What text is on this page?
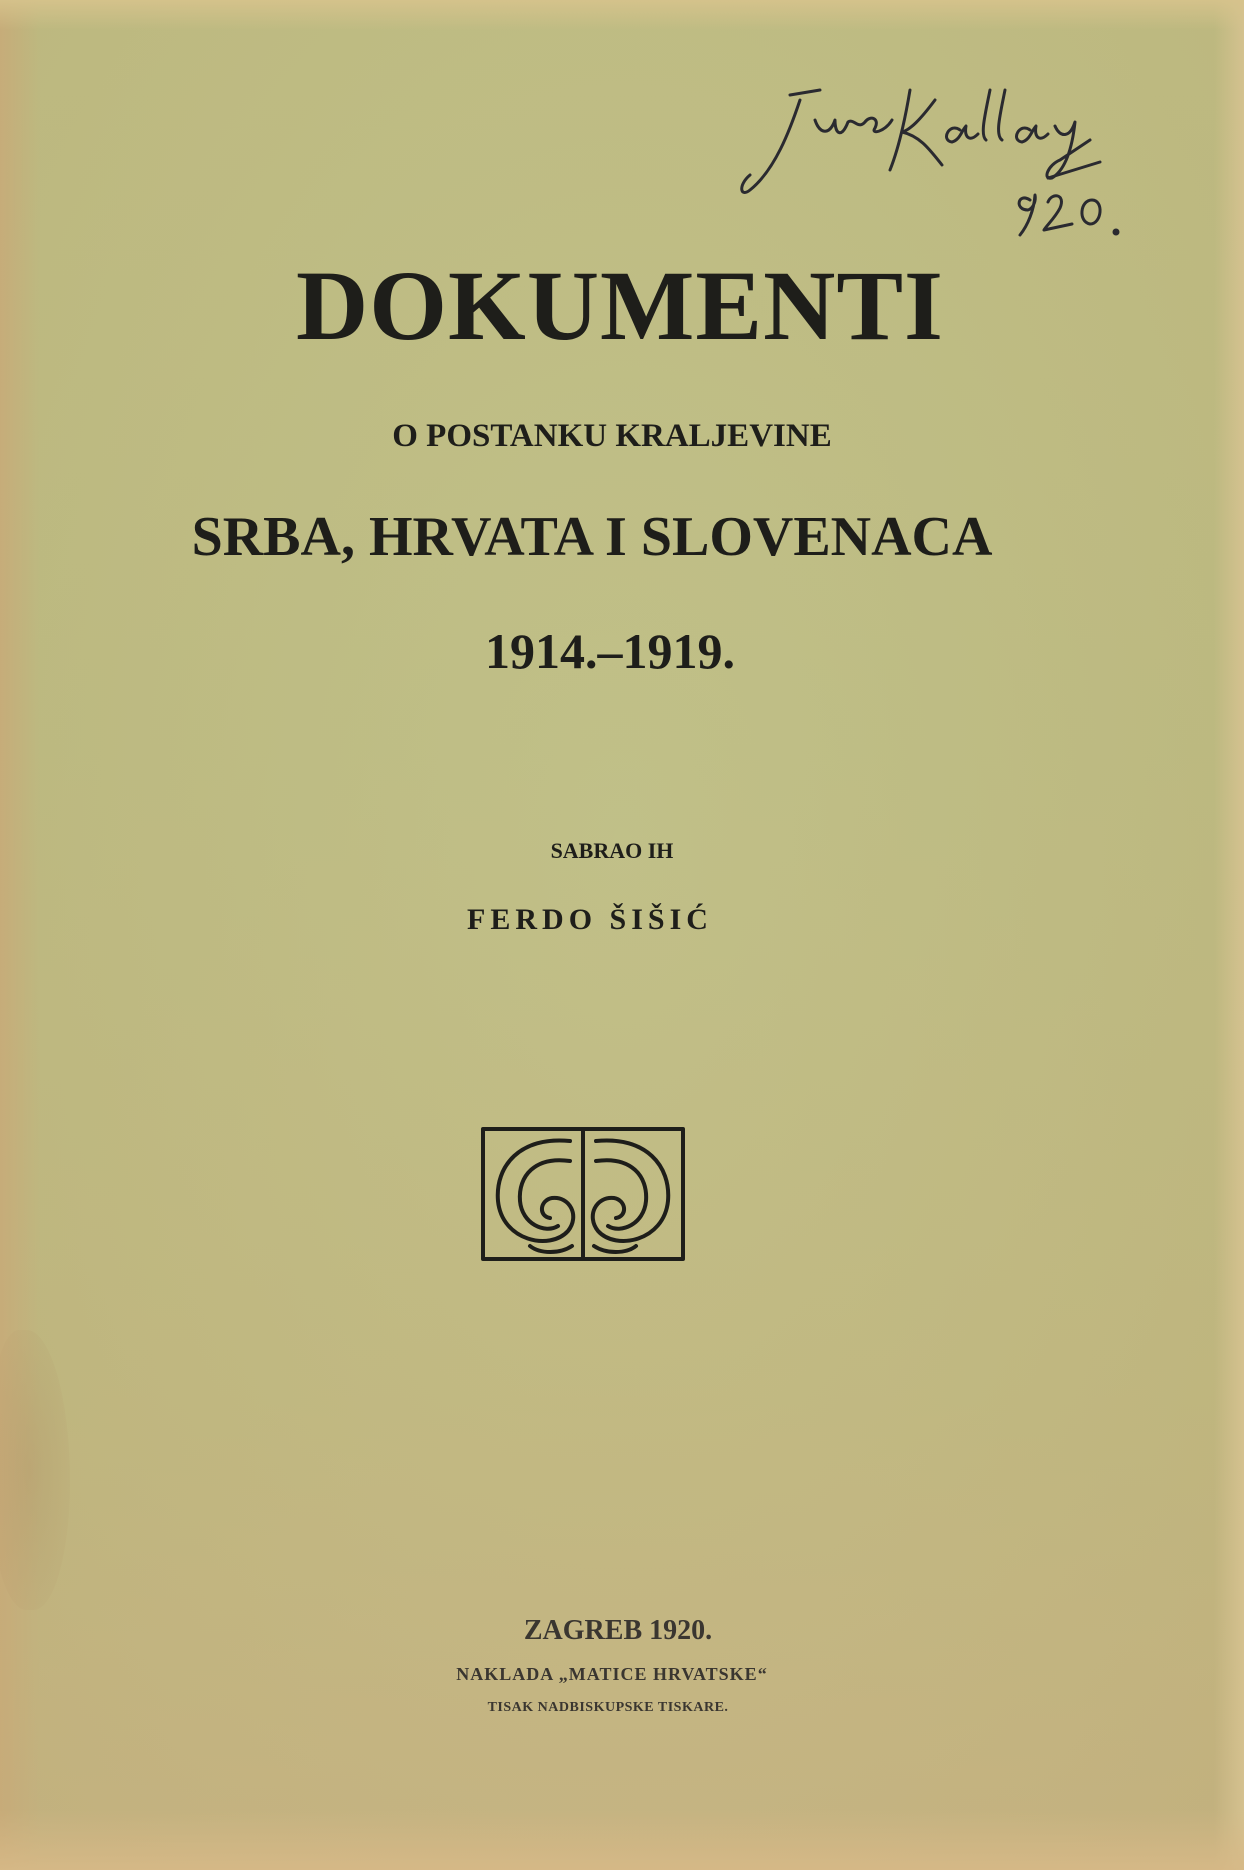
DOKUMENTI
O POSTANKU KRALJEVINE
SRBA, HRVATA I SLOVENACA
1914.–1919.
SABRAO IH
FERDO ŠIŠIĆ
ZAGREB 1920.
NAKLADA „MATICE HRVATSKE“
TISAK NADBISKUPSKE TISKARE.
